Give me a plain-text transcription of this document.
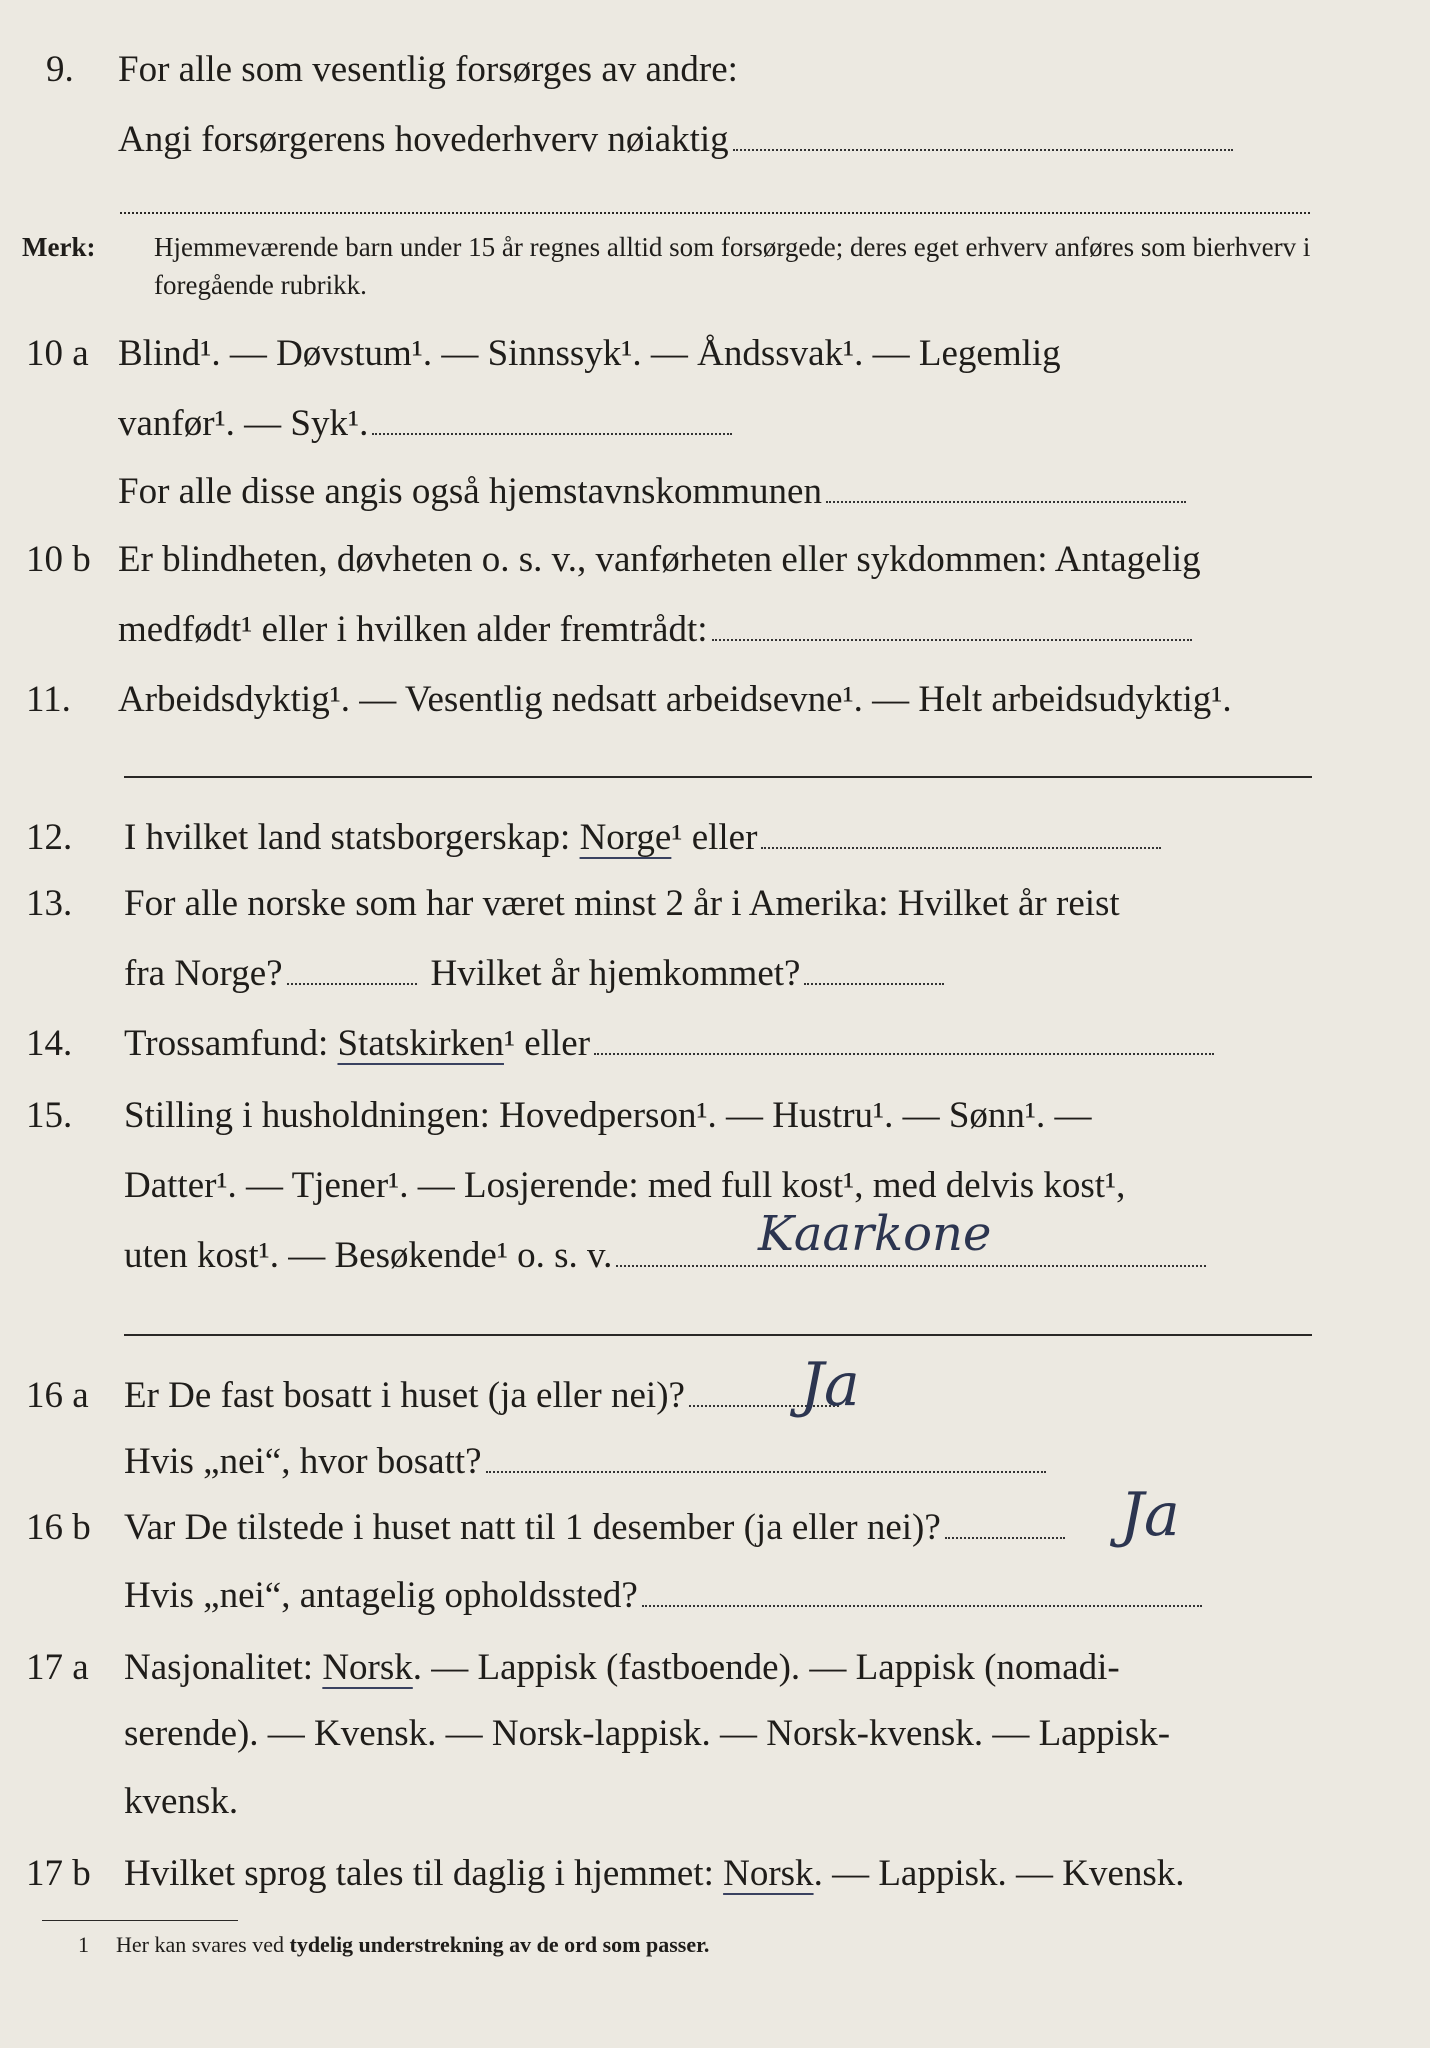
9. For alle som vesentlig forsørges av andre:
Angi forsørgerens hovederhverv nøiaktig
Merk: Hjemmeværende barn under 15 år regnes alltid som forsørgede; deres eget erhverv anføres som bierhverv i foregående rubrikk.
10 a Blind¹. — Døvstum¹. — Sinnssyk¹. — Åndssvak¹. — Legemlig
vanfør¹. — Syk¹.
For alle disse angis også hjemstavnskommunen
10 b Er blindheten, døvheten o. s. v., vanførheten eller sykdommen: Antagelig
medfødt¹ eller i hvilken alder fremtrådt:
11. Arbeidsdyktig¹. — Vesentlig nedsatt arbeidsevne¹. — Helt arbeidsudyktig¹.
12. I hvilket land statsborgerskap: Norge¹ eller
13. For alle norske som har været minst 2 år i Amerika: Hvilket år reist
fra Norge?	Hvilket år hjemkommet?
14. Trossamfund: Statskirken¹ eller
15. Stilling i husholdningen: Hovedperson¹. — Hustru¹. — Sønn¹. —
Datter¹. — Tjener¹. — Losjerende: med full kost¹, med delvis kost¹,
uten kost¹. — Besøkende¹ o. s. v.	Kaarkone
16 a Er De fast bosatt i huset (ja eller nei)?	Ja
Hvis „nei“, hvor bosatt?
16 b Var De tilstede i huset natt til 1 desember (ja eller nei)?	Ja
Hvis „nei“, antagelig opholdssted?
17 a Nasjonalitet: Norsk. — Lappisk (fastboende). — Lappisk (nomadi-
serende). — Kvensk. — Norsk-lappisk. — Norsk-kvensk. — Lappisk-
kvensk.
17 b Hvilket sprog tales til daglig i hjemmet: Norsk. — Lappisk. — Kvensk.
1 Her kan svares ved tydelig understrekning av de ord som passer.
